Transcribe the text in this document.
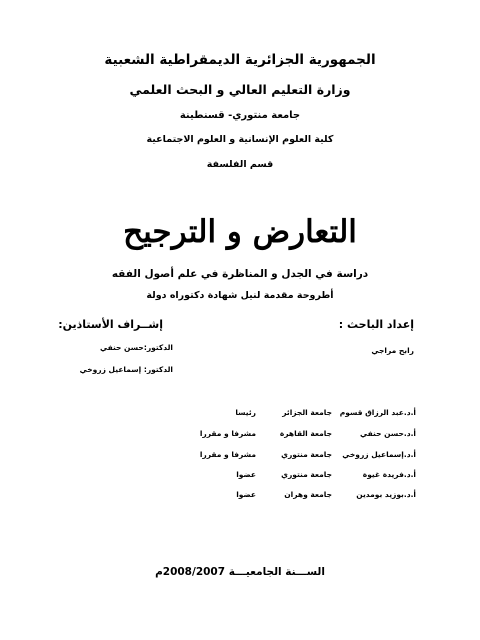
الجمهورية الجزائرية الديمقراطية الشعبية
وزارة التعليم العالي و البحث العلمي
جامعة منتوري- قسنطينة
كلية العلوم الإنسانية و العلوم الاجتماعية
قسم الفلسفة
التعارض و الترجيح
دراسة في الجدل و المناظرة في علم أصول الفقه
أطروحة مقدمة لنيل شهادة دكتوراه دولة
إعداد الباحث :
رابح مراجي
إشــراف الأستاذين:
الدكتور:حسن حنفي
الدكتور: إسماعيل زروخي
أ.د.عبد الرزاق قسوم
جامعة الجزائر
رئيسا
أ.د.حسن حنفي
جامعة القاهرة
مشرفا و مقررا
أ.د.إسماعيل زروخي
جامعة منتوري
مشرفا و مقررا
أ.د.فريدة غيوة
جامعة منتوري
عضوا
أ.د.بوزيد بومدين
جامعة وهران
عضوا
الســـنة الجامعيـــة 2008/2007م
